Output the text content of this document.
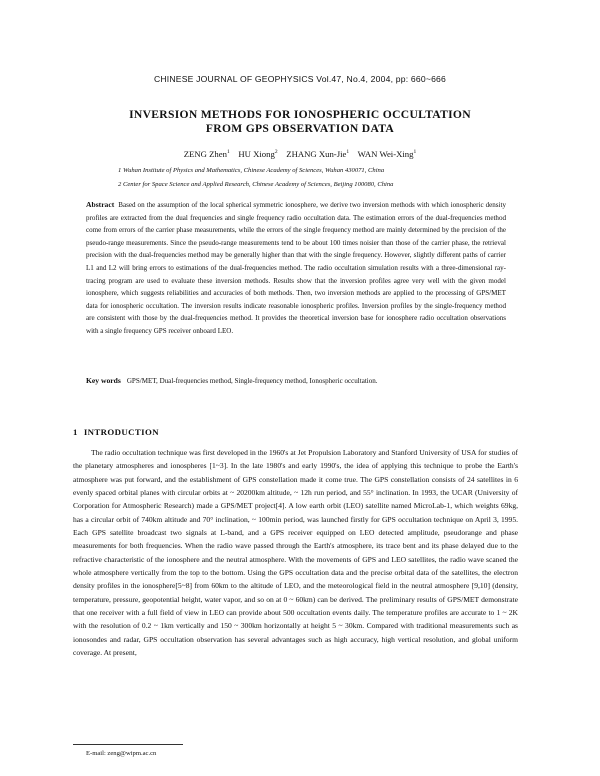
CHINESE JOURNAL OF GEOPHYSICS Vol.47, No.4, 2004, pp: 660~666
INVERSION METHODS FOR IONOSPHERIC OCCULTATION
FROM GPS OBSERVATION DATA
ZENG Zhen$^1$ HU Xiong$^2$ ZHANG Xun-Jie$^1$ WAN Wei-Xing$^1$
1 Wuhan Institute of Physics and Mathematics, Chinese Academy of Sciences, Wuhan 430071, China
2 Center for Space Science and Applied Research, Chinese Academy of Sciences, Beijing 100080, China
Abstract Based on the assumption of the local spherical symmetric ionosphere, we derive two inversion methods with which ionospheric density profiles are extracted from the dual frequencies and single frequency radio occultation data. The estimation errors of the dual-frequencies method come from errors of the carrier phase measurements, while the errors of the single frequency method are mainly determined by the precision of the pseudo-range measurements. Since the pseudo-range measurements tend to be about 100 times noisier than those of the carrier phase, the retrieval precision with the dual-frequencies method may be generally higher than that with the single frequency. However, slightly different paths of carrier L1 and L2 will bring errors to estimations of the dual-frequencies method. The radio occultation simulation results with a three-dimensional ray-tracing program are used to evaluate these inversion methods. Results show that the inversion profiles agree very well with the given model ionosphere, which suggests reliabilities and accuracies of both methods. Then, two inversion methods are applied to the processing of GPS/MET data for ionospheric occultation. The inversion results indicate reasonable ionospheric profiles. Inversion profiles by the single-frequency method are consistent with those by the dual-frequencies method. It provides the theoretical inversion base for ionosphere radio occultation observations with a single frequency GPS receiver onboard LEO.
Key words GPS/MET, Dual-frequencies method, Single-frequency method, Ionospheric occultation.
1 INTRODUCTION

The radio occultation technique was first developed in the 1960's at Jet Propulsion Laboratory and Stanford University of USA for studies of the planetary atmospheres and ionospheres [1~3]. In the late 1980's and early 1990's, the idea of applying this technique to probe the Earth's atmosphere was put forward, and the establishment of GPS constellation made it come true. The GPS constellation consists of 24 satellites in 6 evenly spaced orbital planes with circular orbits at ~ 20200km altitude, ~ 12h run period, and 55° inclination. In 1993, the UCAR (University of Corporation for Atmospheric Research) made a GPS/MET project[4]. A low earth orbit (LEO) satellite named MicroLab-1, which weights 69kg, has a circular orbit of 740km altitude and 70° inclination, ~ 100min period, was launched firstly for GPS occultation technique on April 3, 1995. Each GPS satellite broadcast two signals at L-band, and a GPS receiver equipped on LEO detected amplitude, pseudorange and phase measurements for both frequencies. When the radio wave passed through the Earth's atmosphere, its trace bent and its phase delayed due to the refractive characteristic of the ionosphere and the neutral atmosphere. With the movements of GPS and LEO satellites, the radio wave scaned the whole atmosphere vertically from the top to the bottom. Using the GPS occultation data and the precise orbital data of the satellites, the electron density profiles in the ionosphere[5~8] from 60km to the altitude of LEO, and the meteorological field in the neutral atmosphere [9,10] (density, temperature, pressure, geopotential height, water vapor, and so on at 0 ~ 60km) can be derived. The preliminary results of GPS/MET demonstrate that one receiver with a full field of view in LEO can provide about 500 occultation events daily. The temperature profiles are accurate to 1 ~ 2K with the resolution of 0.2 ~ 1km vertically and 150 ~ 300km horizontally at height 5 ~ 30km. Compared with traditional measurements such as ionosondes and radar, GPS occultation observation has several advantages such as high accuracy, high vertical resolution, and global uniform coverage. At present,

E-mail: zeng@wipm.ac.cn
